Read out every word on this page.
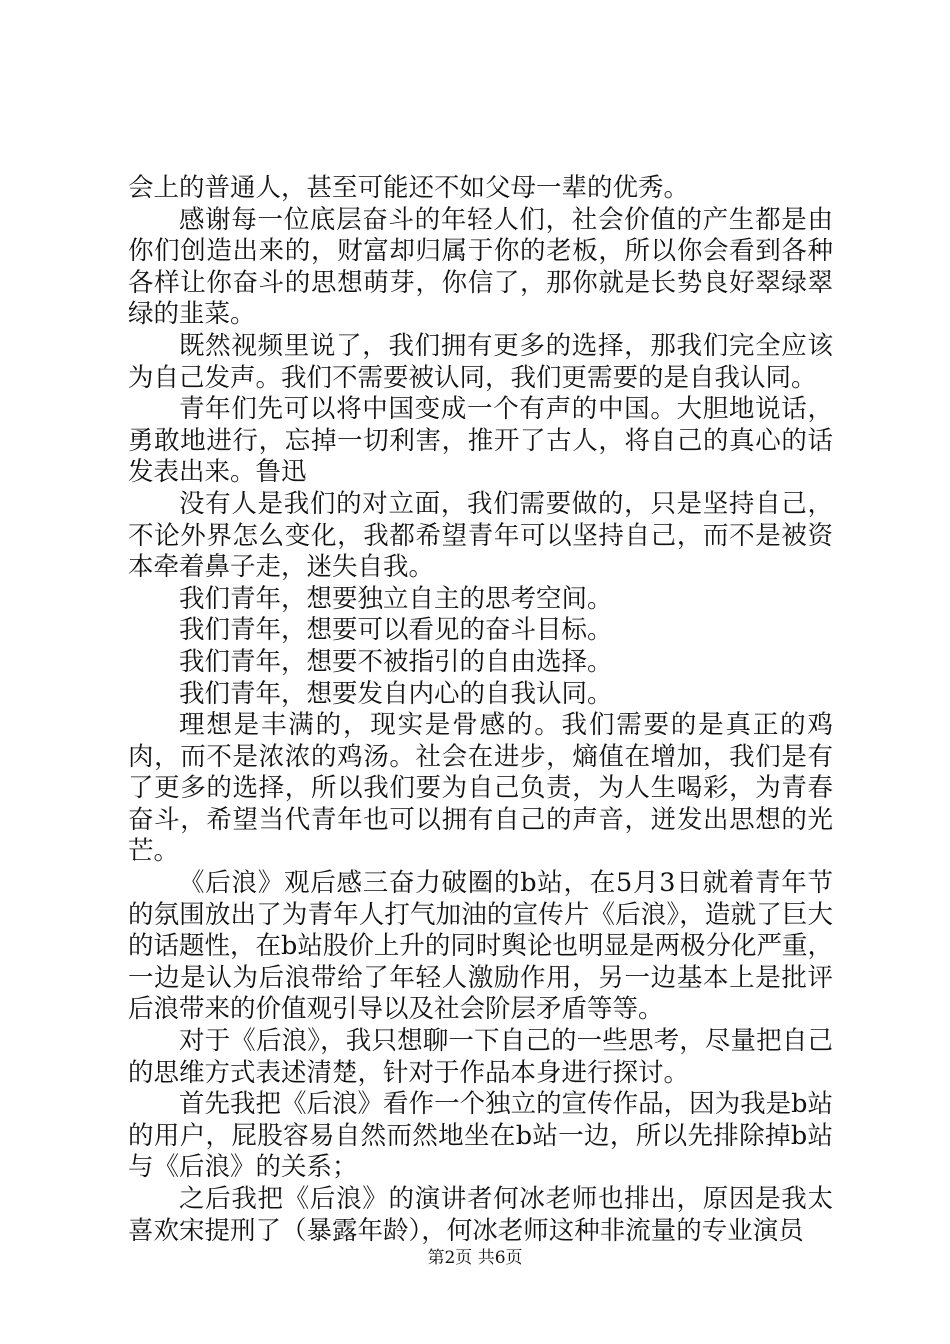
会上的普通人，甚至可能还不如父母一辈的优秀。

感谢每一位底层奋斗的年轻人们，社会价值的产生都是由你们创造出来的，财富却归属于你的老板，所以你会看到各种各样让你奋斗的思想萌芽，你信了，那你就是长势良好翠绿翠绿的韭菜。

既然视频里说了，我们拥有更多的选择，那我们完全应该为自己发声。我们不需要被认同，我们更需要的是自我认同。

青年们先可以将中国变成一个有声的中国。大胆地说话，勇敢地进行，忘掉一切利害，推开了古人，将自己的真心的话发表出来。鲁迅

没有人是我们的对立面，我们需要做的，只是坚持自己，不论外界怎么变化，我都希望青年可以坚持自己，而不是被资本牵着鼻子走，迷失自我。

我们青年，想要独立自主的思考空间。

我们青年，想要可以看见的奋斗目标。

我们青年，想要不被指引的自由选择。

我们青年，想要发自内心的自我认同。

理想是丰满的，现实是骨感的。我们需要的是真正的鸡肉，而不是浓浓的鸡汤。社会在进步，熵值在增加，我们是有了更多的选择，所以我们要为自己负责，为人生喝彩，为青春奋斗，希望当代青年也可以拥有自己的声音，迸发出思想的光芒。

《后浪》观后感三奋力破圈的b站，在5月3日就着青年节的氛围放出了为青年人打气加油的宣传片《后浪》，造就了巨大的话题性，在b站股价上升的同时舆论也明显是两极分化严重，一边是认为后浪带给了年轻人激励作用，另一边基本上是批评后浪带来的价值观引导以及社会阶层矛盾等等。

对于《后浪》，我只想聊一下自己的一些思考，尽量把自己的思维方式表述清楚，针对于作品本身进行探讨。

首先我把《后浪》看作一个独立的宣传作品，因为我是b站的用户，屁股容易自然而然地坐在b站一边，所以先排除掉b站与《后浪》的关系；

之后我把《后浪》的演讲者何冰老师也排出，原因是我太喜欢宋提刑了（暴露年龄），何冰老师这种非流量的专业演员

第2页 共6页
